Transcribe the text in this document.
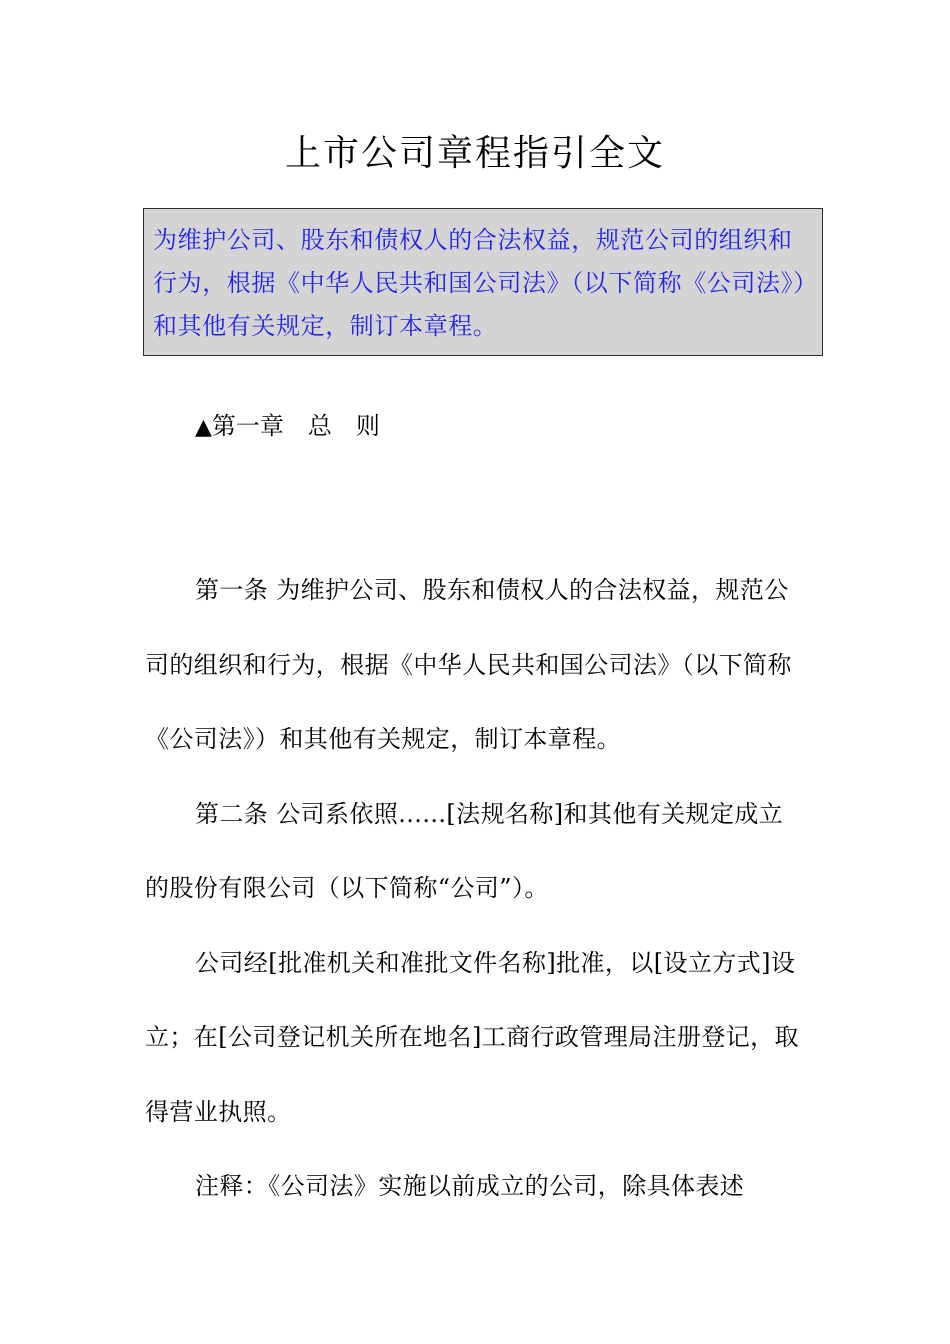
上市公司章程指引全文

为维护公司、股东和债权人的合法权益，规范公司的组织和行为，根据《中华人民共和国公司法》（以下简称《公司法》）和其他有关规定，制订本章程。

▲第一章　总　则

第一条 为维护公司、股东和债权人的合法权益，规范公司的组织和行为，根据《中华人民共和国公司法》（以下简称《公司法》）和其他有关规定，制订本章程。

第二条 公司系依照......[法规名称]和其他有关规定成立的股份有限公司（以下简称“公司”）。

公司经[批准机关和准批文件名称]批准，以[设立方式]设立；在[公司登记机关所在地名]工商行政管理局注册登记，取得营业执照。

注释：《公司法》实施以前成立的公司，除具体表述
